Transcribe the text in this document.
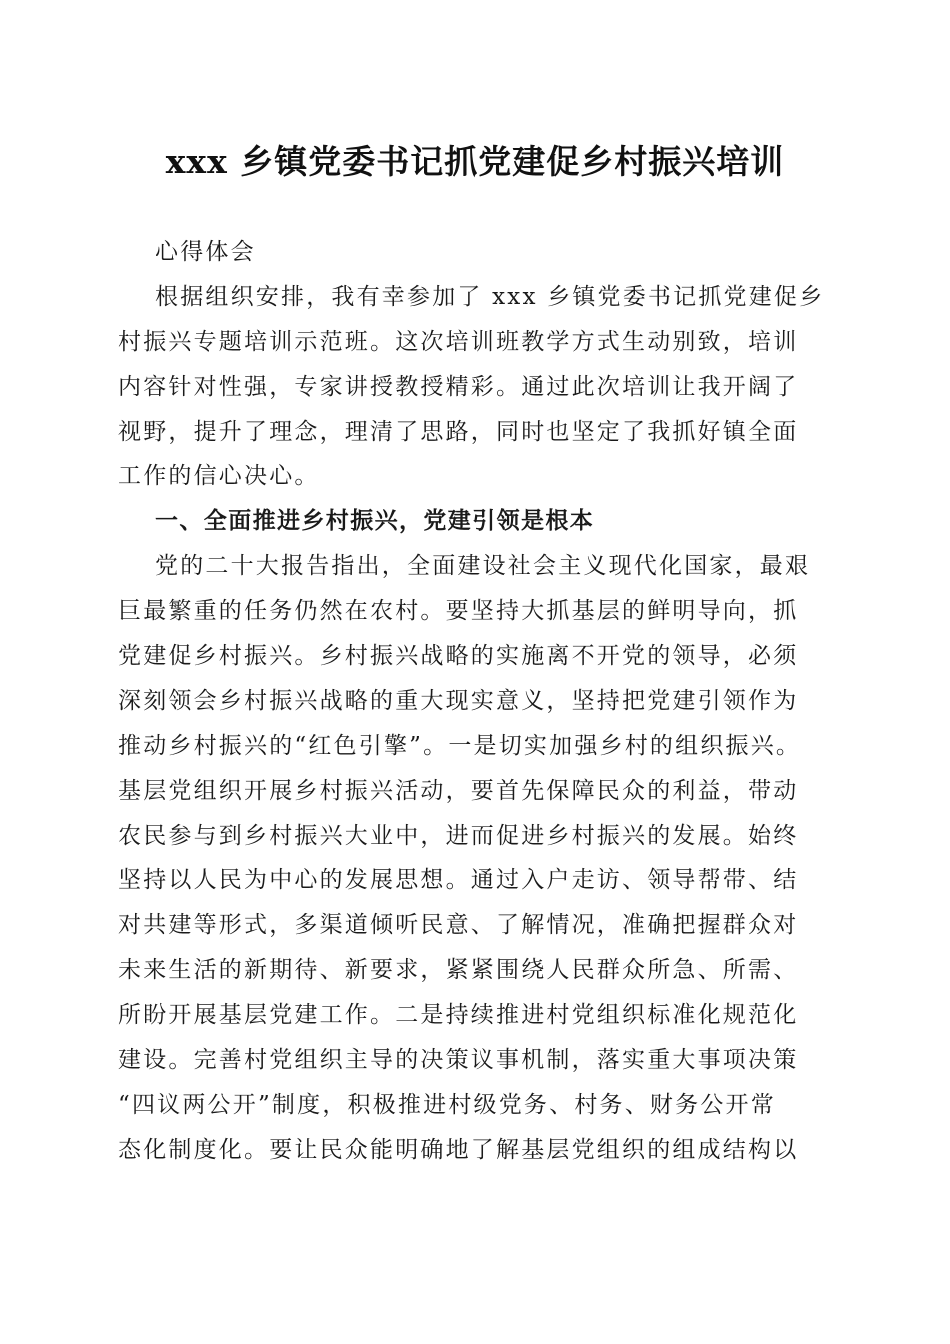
xxx 乡镇党委书记抓党建促乡村振兴培训
心得体会
根据组织安排，我有幸参加了 xxx 乡镇党委书记抓党建促乡
村振兴专题培训示范班。这次培训班教学方式生动别致，培训
内容针对性强，专家讲授教授精彩。通过此次培训让我开阔了
视野，提升了理念，理清了思路，同时也坚定了我抓好镇全面
工作的信心决心。
一、全面推进乡村振兴，党建引领是根本
党的二十大报告指出，全面建设社会主义现代化国家，最艰
巨最繁重的任务仍然在农村。要坚持大抓基层的鲜明导向，抓
党建促乡村振兴。乡村振兴战略的实施离不开党的领导，必须
深刻领会乡村振兴战略的重大现实意义，坚持把党建引领作为
推动乡村振兴的“红色引擎”。一是切实加强乡村的组织振兴。
基层党组织开展乡村振兴活动，要首先保障民众的利益，带动
农民参与到乡村振兴大业中，进而促进乡村振兴的发展。始终
坚持以人民为中心的发展思想。通过入户走访、领导帮带、结
对共建等形式，多渠道倾听民意、了解情况，准确把握群众对
未来生活的新期待、新要求，紧紧围绕人民群众所急、所需、
所盼开展基层党建工作。二是持续推进村党组织标准化规范化
建设。完善村党组织主导的决策议事机制，落实重大事项决策
“四议两公开”制度，积极推进村级党务、村务、财务公开常
态化制度化。要让民众能明确地了解基层党组织的组成结构以
